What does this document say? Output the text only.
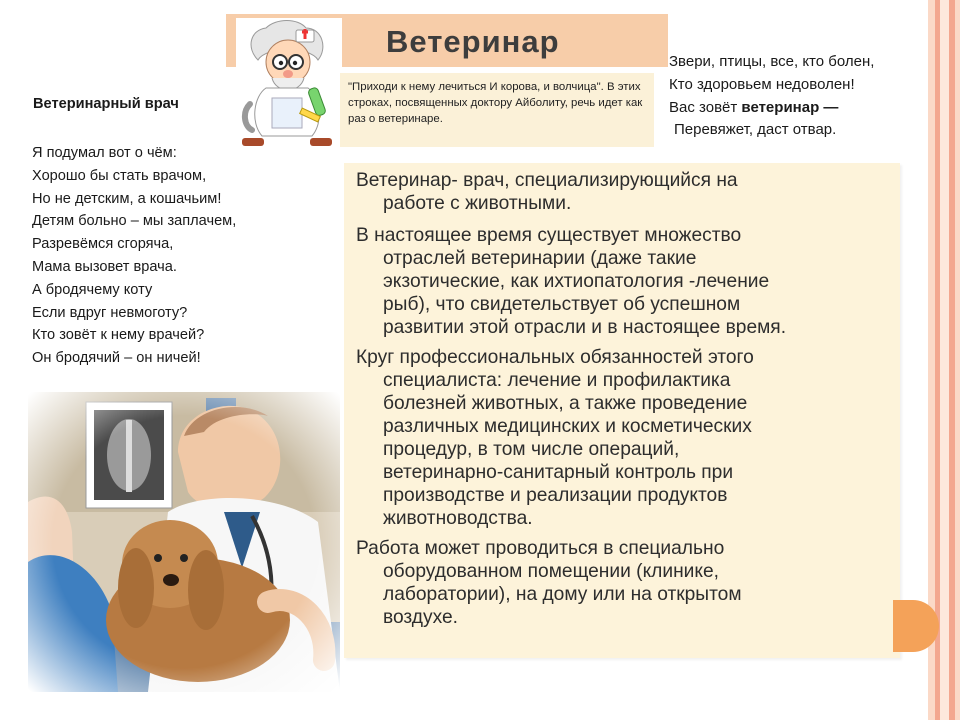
Ветеринар
"Приходи к нему лечиться И корова, и волчица". В этих строках, посвященных доктору Айболиту, речь идет как раз о ветеринаре.
Ветеринарный врач
Я подумал вот о чём:
Хорошо бы стать врачом,
Но не детским, а кошачьим!
Детям больно – мы заплачем,
Разревёмся сгоряча,
Мама вызовет врача.
А бродячему коту
Если вдруг невмоготу?
Кто зовёт к нему врачей?
Он бродячий – он ничей!
Звери, птицы, все, кто болен,
Кто здоровьем недоволен!
Вас зовёт ветеринар —
Перевяжет, даст отвар.
Ветеринар- врач, специализирующийся на
работе с животными.
В настоящее время существует множество
отраслей ветеринарии (даже такие
экзотические, как ихтиопатология -лечение
рыб), что свидетельствует об успешном
развитии этой отрасли и в настоящее время.
Круг профессиональных обязанностей этого
специалиста: лечение и профилактика
болезней животных, а также проведение
различных медицинских и косметических
процедур, в том числе операций,
ветеринарно-санитарный контроль при
производстве и реализации продуктов
животноводства.
Работа может проводиться в специально
оборудованном помещении (клинике,
лаборатории), на дому или на открытом
воздухе.
